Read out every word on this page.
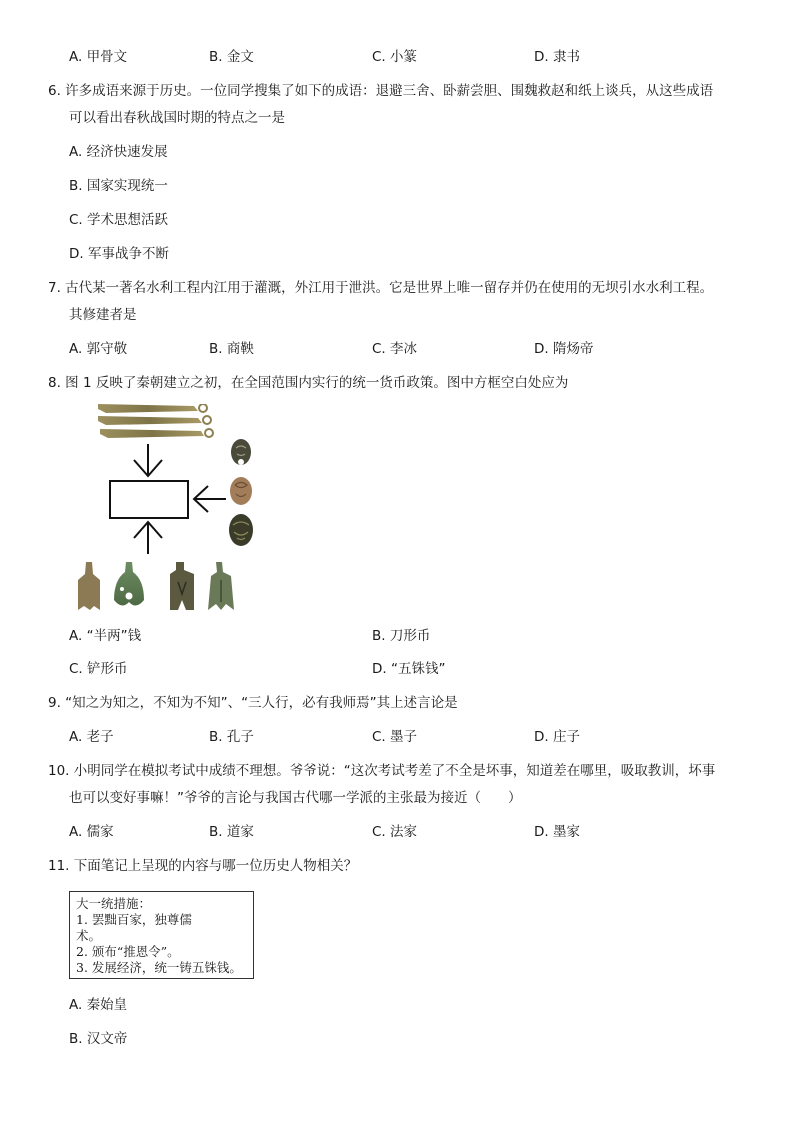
A. 甲骨文	B. 金文	C. 小篆	D. 隶书
6. 许多成语来源于历史。一位同学搜集了如下的成语：退避三舍、卧薪尝胆、围魏救赵和纸上谈兵，从这些成语
可以看出春秋战国时期的特点之一是
A. 经济快速发展
B. 国家实现统一
C. 学术思想活跃
D. 军事战争不断
7. 古代某一著名水利工程内江用于灌溉，外江用于泄洪。它是世界上唯一留存并仍在使用的无坝引水水利工程。
其修建者是
A. 郭守敬	B. 商鞅	C. 李冰	D. 隋炀帝
8. 图 1 反映了秦朝建立之初，在全国范围内实行的统一货币政策。图中方框空白处应为
A. “半两”钱	B. 刀形币
C. 铲形币	D. “五铢钱”
9. “知之为知之，不知为不知”、“三人行，必有我师焉”其上述言论是
A. 老子	B. 孔子	C. 墨子	D. 庄子
10. 小明同学在模拟考试中成绩不理想。爷爷说：“这次考试考差了不全是坏事，知道差在哪里，吸取教训，坏事
也可以变好事嘛！”爷爷的言论与我国古代哪一学派的主张最为接近（　　）
A. 儒家	B. 道家	C. 法家	D. 墨家
11. 下面笔记上呈现的内容与哪一位历史人物相关？
大一统措施：
1. 罢黜百家，独尊儒
术。
2. 颁布“推恩令”。
3. 发展经济，统一铸五铢钱。
A. 秦始皇
B. 汉文帝
